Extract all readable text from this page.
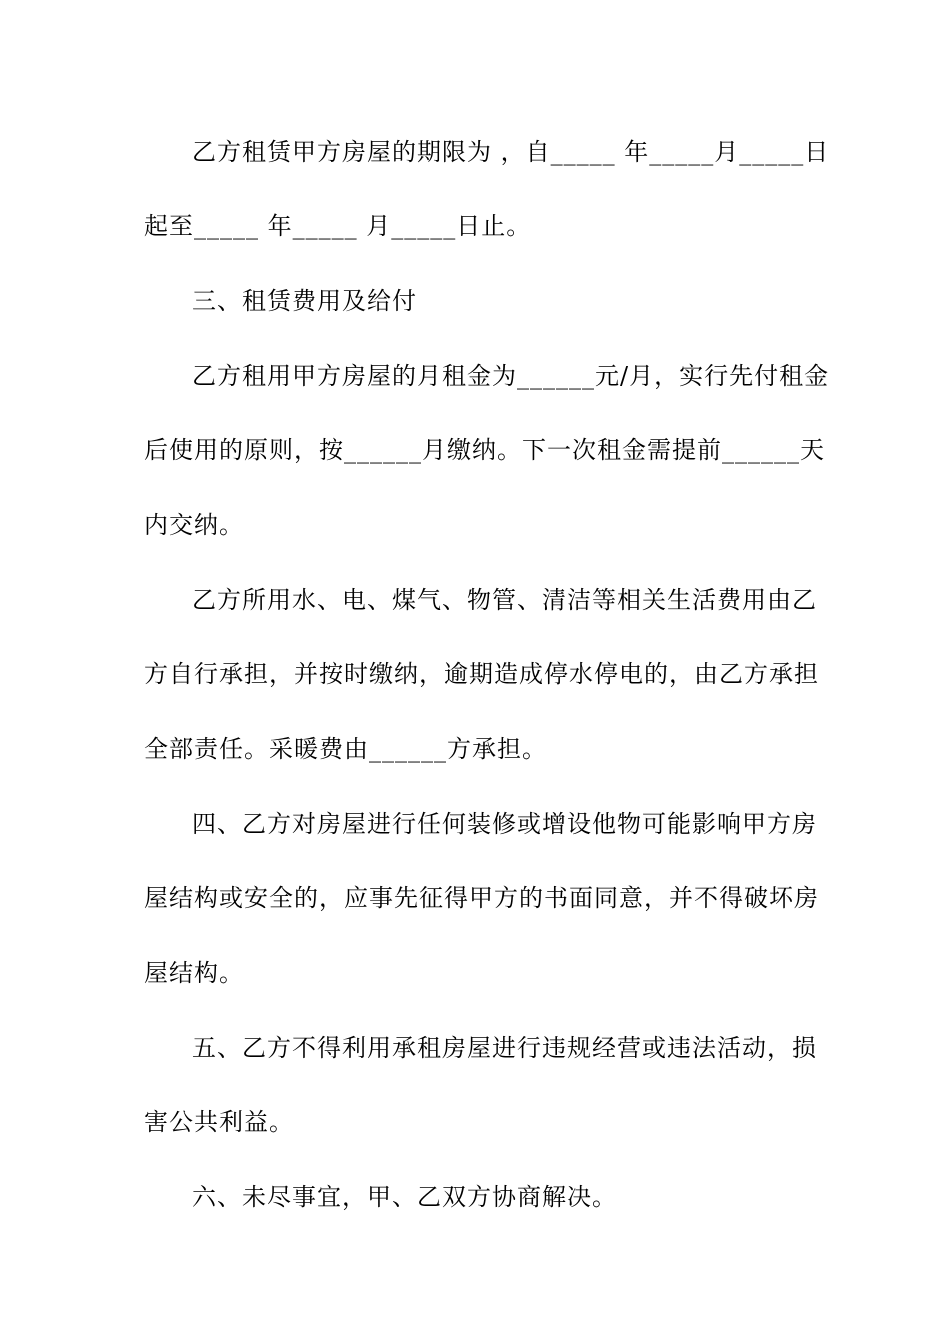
乙方租赁甲方房屋的期限为 ，自_____ 年_____月_____日
起至_____ 年_____ 月_____日止。
三、租赁费用及给付
乙方租用甲方房屋的月租金为______元/月，实行先付租金
后使用的原则，按______月缴纳。下一次租金需提前______天
内交纳。
乙方所用水、电、煤气、物管、清洁等相关生活费用由乙
方自行承担，并按时缴纳，逾期造成停水停电的，由乙方承担
全部责任。采暖费由______方承担。
四、乙方对房屋进行任何装修或增设他物可能影响甲方房
屋结构或安全的，应事先征得甲方的书面同意，并不得破坏房
屋结构。
五、乙方不得利用承租房屋进行违规经营或违法活动，损
害公共利益。
六、未尽事宜，甲、乙双方协商解决。
